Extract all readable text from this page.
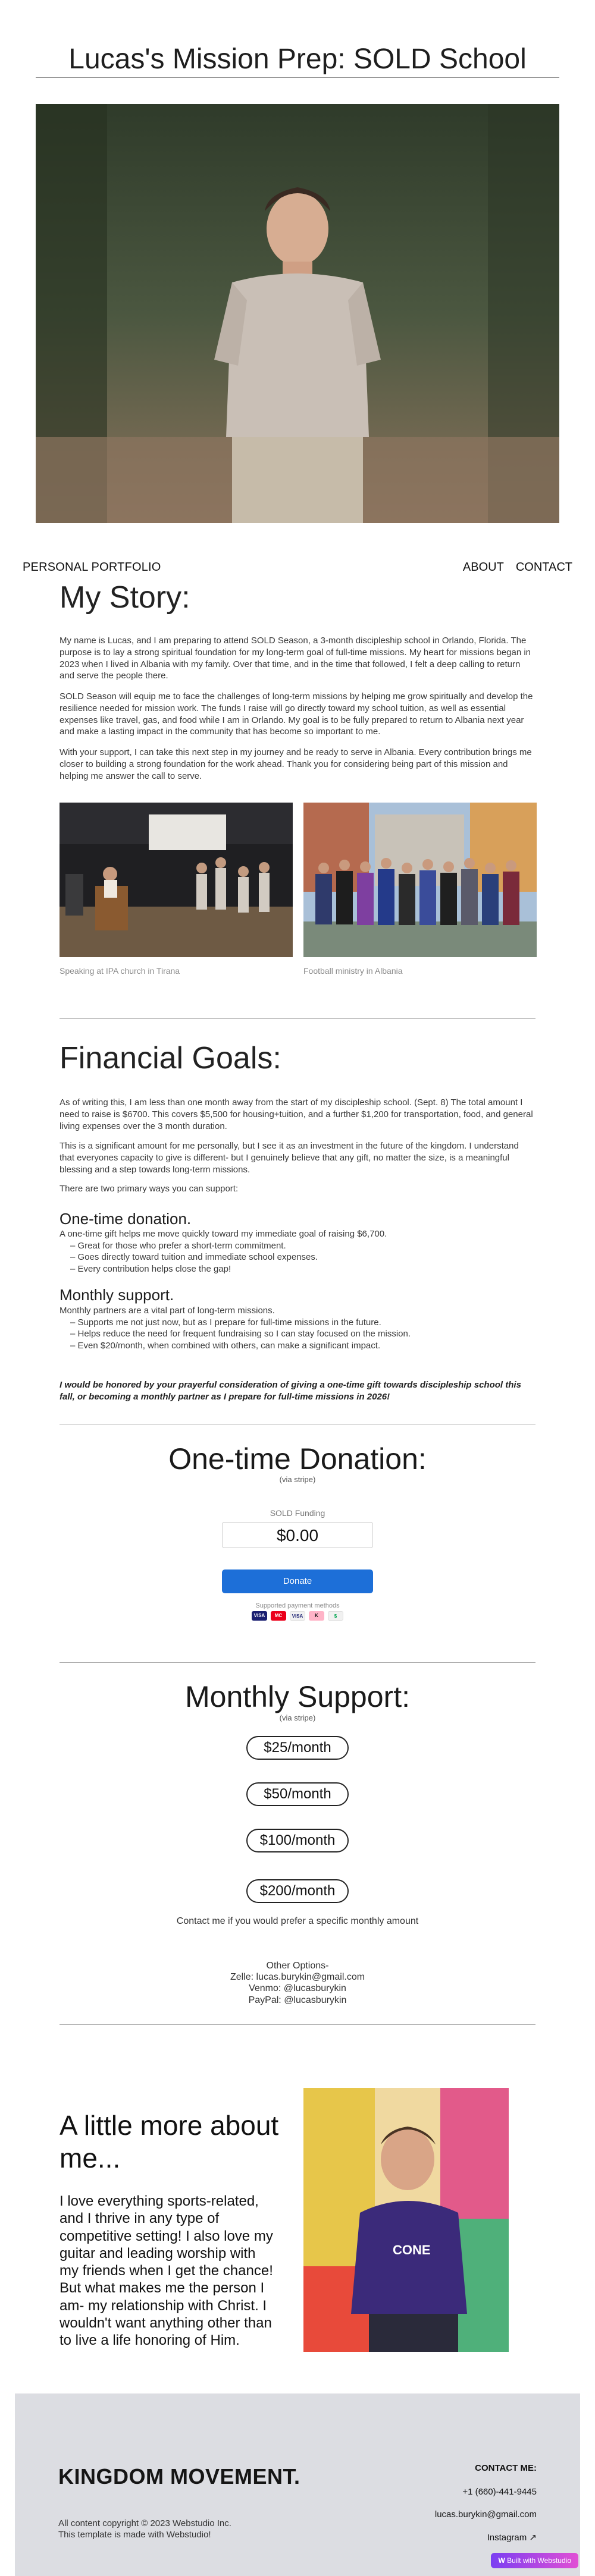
Lucas's Mission Prep: SOLD School
PERSONAL PORTFOLIO	ABOUT CONTACT
My Story:
My name is Lucas, and I am preparing to attend SOLD Season, a 3-month discipleship school in Orlando, Florida. The purpose is to lay a strong spiritual foundation for my long-term goal of full-time missions. My heart for missions began in 2023 when I lived in Albania with my family. Over that time, and in the time that followed, I felt a deep calling to return and serve the people there.
SOLD Season will equip me to face the challenges of long-term missions by helping me grow spiritually and develop the resilience needed for mission work. The funds I raise will go directly toward my school tuition, as well as essential expenses like travel, gas, and food while I am in Orlando. My goal is to be fully prepared to return to Albania next year and make a lasting impact in the community that has become so important to me.
With your support, I can take this next step in my journey and be ready to serve in Albania. Every contribution brings me closer to building a strong foundation for the work ahead. Thank you for considering being part of this mission and helping me answer the call to serve.
Speaking at IPA church in Tirana	Football ministry in Albania
Financial Goals:
As of writing this, I am less than one month away from the start of my discipleship school. (Sept. 8) The total amount I need to raise is $6700. This covers $5,500 for housing+tuition, and a further $1,200 for transportation, food, and general living expenses over the 3 month duration.
This is a significant amount for me personally, but I see it as an investment in the future of the kingdom. I understand that everyones capacity to give is different- but I genuinely believe that any gift, no matter the size, is a meaningful blessing and a step towards long-term missions.
There are two primary ways you can support:
One-time donation.

A one-time gift helps me move quickly toward my immediate goal of raising $6,700.

– Great for those who prefer a short-term commitment.
– Goes directly toward tuition and immediate school expenses.
– Every contribution helps close the gap!
Monthly support.

Monthly partners are a vital part of long-term missions.

– Supports me not just now, but as I prepare for full-time missions in the future.
– Helps reduce the need for frequent fundraising so I can stay focused on the mission.
– Even $20/month, when combined with others, can make a significant impact.
I would be honored by your prayerful consideration of giving a one-time gift towards discipleship school this fall, or becoming a monthly partner as I prepare for full-time missions in 2026!
One-time Donation:
(via stripe)
SOLD Funding
$0.00
Donate
Supported payment methods
VISA	MC	VISA	K	$
Monthly Support:
(via stripe)
$25/month
$50/month
$100/month
$200/month
Contact me if you would prefer a specific monthly amount
Other Options-
Zelle: lucas.burykin@gmail.com
Venmo: @lucasburykin
PayPal: @lucasburykin
A little more about me...
I love everything sports-related, and I thrive in any type of competitive setting! I also love my guitar and leading worship with my friends when I get the chance! But what makes me the person I am- my relationship with Christ. I wouldn't want anything other than to live a life honoring of Him.
CONE
KINGDOM MOVEMENT.
All content copyright © 2023 Webstudio Inc.
This template is made with Webstudio!
CONTACT ME:
+1 (660)-441-9445
lucas.burykin@gmail.com
Instagram ↗
W Built with Webstudio
